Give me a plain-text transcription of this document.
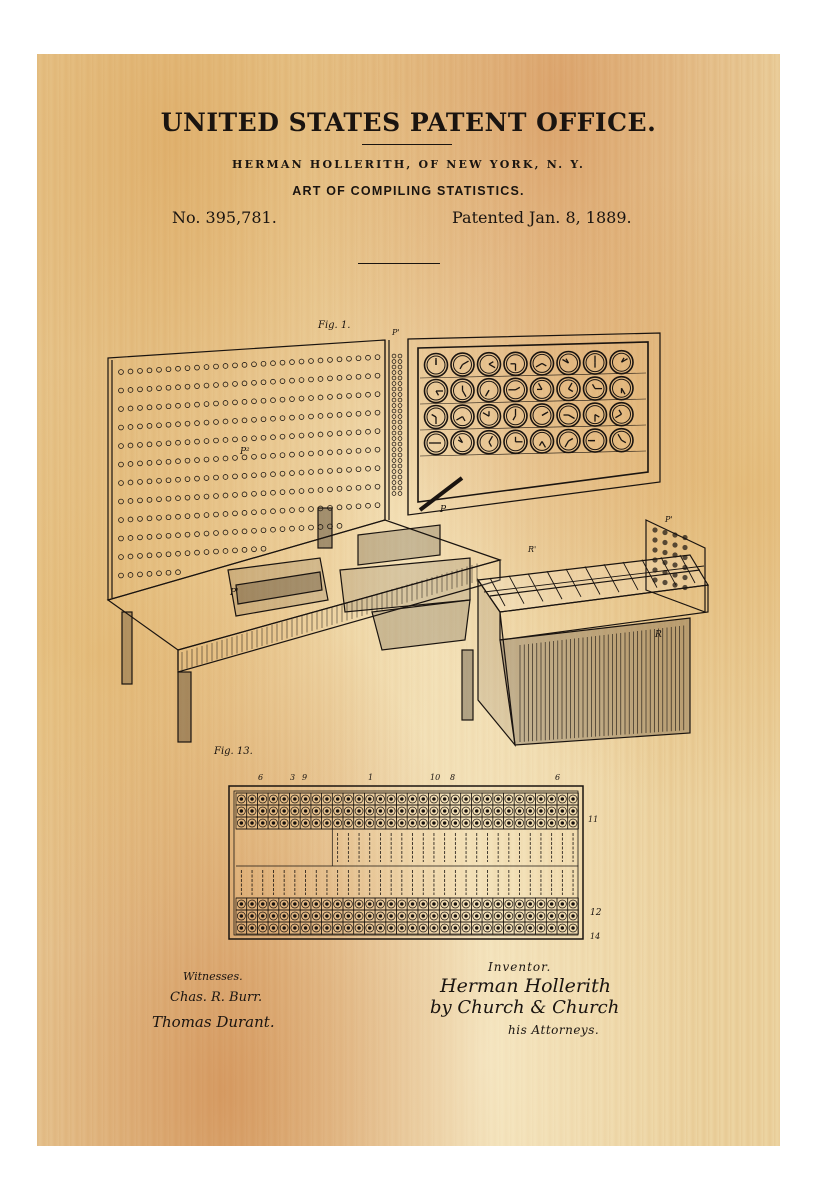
UNITED STATES PATENT OFFICE.
HERMAN HOLLERITH, OF NEW YORK, N. Y.
ART OF COMPILING STATISTICS.
No. 395,781.	Patented Jan. 8, 1889.
Fig. 1.
P'
P
P²
P'
R'
R
P'
Fig. 13.
6	3 9	1	10 8	6
11
12
14
Witnesses.
Chas. R. Burr.
Thomas Durant.
Inventor.
Herman Hollerith
by Church & Church
his Attorneys.
